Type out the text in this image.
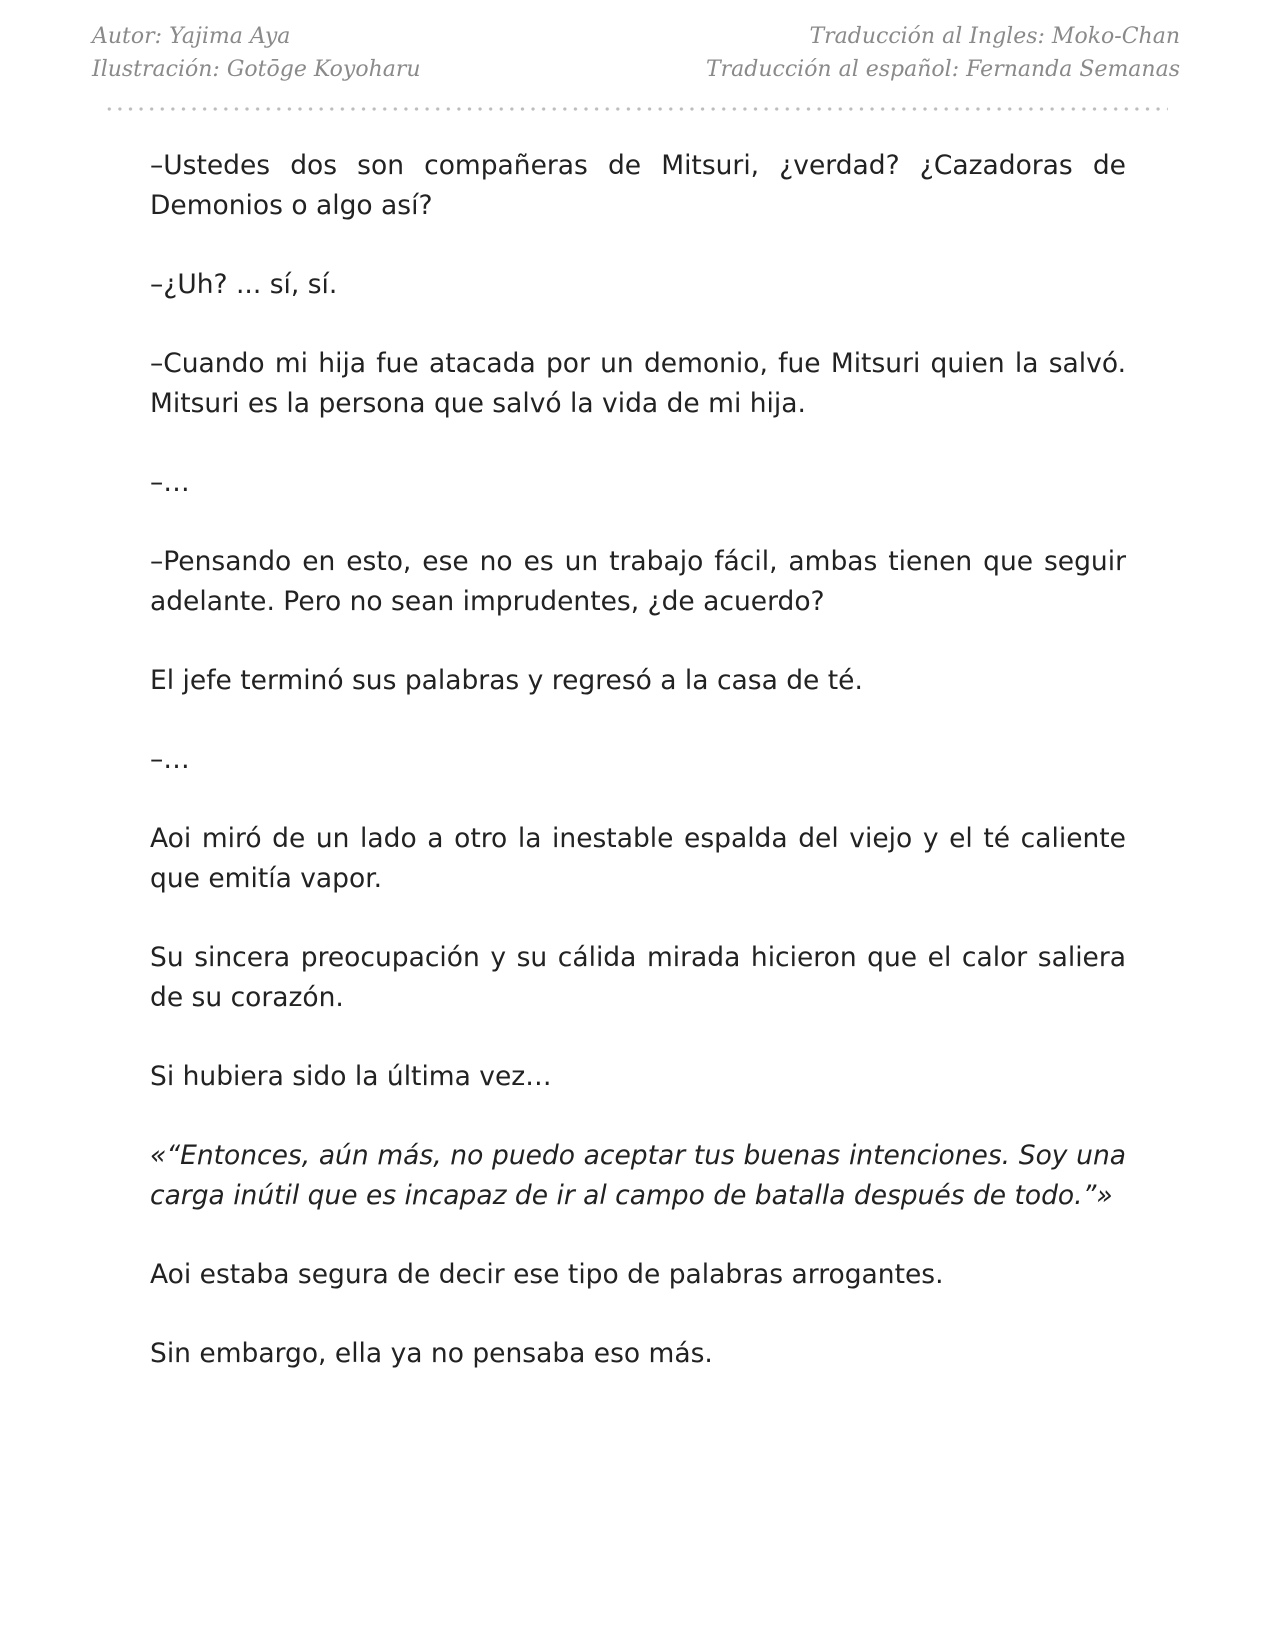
Autor: Yajima Aya	Traducción al Ingles: Moko-Chan
Ilustración: Gotōge Koyoharu	Traducción al español: Fernanda Semanas

–Ustedes dos son compañeras de Mitsuri, ¿verdad? ¿Cazadoras de Demonios o algo así?

–¿Uh? ... sí, sí.

–Cuando mi hija fue atacada por un demonio, fue Mitsuri quien la salvó. Mitsuri es la persona que salvó la vida de mi hija.

–…

–Pensando en esto, ese no es un trabajo fácil, ambas tienen que seguir adelante. Pero no sean imprudentes, ¿de acuerdo?

El jefe terminó sus palabras y regresó a la casa de té.

–…

Aoi miró de un lado a otro la inestable espalda del viejo y el té caliente que emitía vapor.

Su sincera preocupación y su cálida mirada hicieron que el calor saliera de su corazón.

Si hubiera sido la última vez…

«“Entonces, aún más, no puedo aceptar tus buenas intenciones. Soy una carga inútil que es incapaz de ir al campo de batalla después de todo.”»

Aoi estaba segura de decir ese tipo de palabras arrogantes.

Sin embargo, ella ya no pensaba eso más.
